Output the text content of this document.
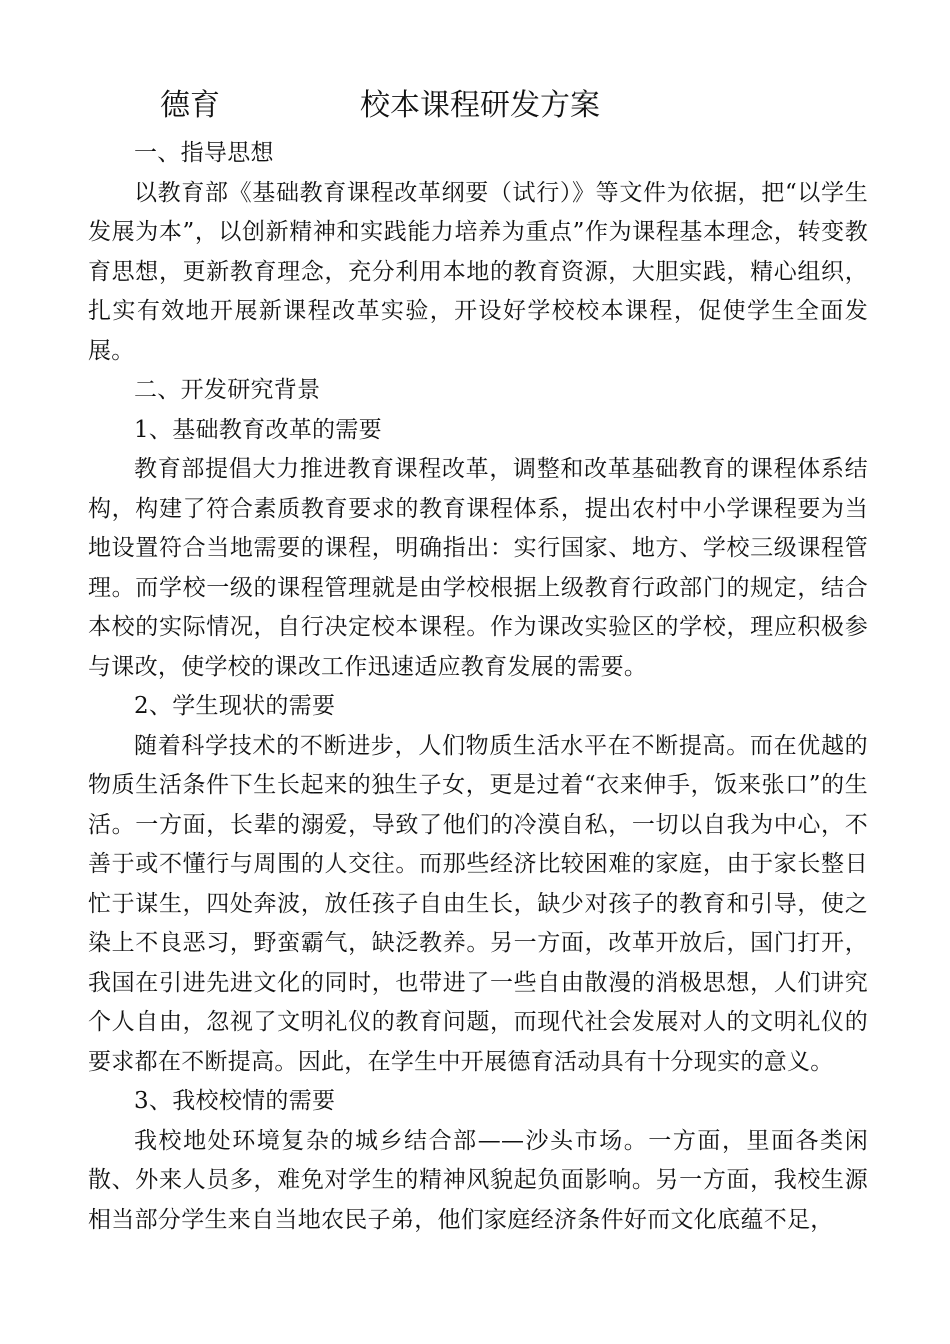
德育	校本课程研发方案

一、指导思想

以教育部《基础教育课程改革纲要（试行）》等文件为依据，把“以学生发展为本”，以创新精神和实践能力培养为重点”作为课程基本理念，转变教育思想，更新教育理念，充分利用本地的教育资源，大胆实践，精心组织，扎实有效地开展新课程改革实验，开设好学校校本课程，促使学生全面发展。

二、开发研究背景

1、基础教育改革的需要

教育部提倡大力推进教育课程改革，调整和改革基础教育的课程体系结构，构建了符合素质教育要求的教育课程体系，提出农村中小学课程要为当地设置符合当地需要的课程，明确指出：实行国家、地方、学校三级课程管理。而学校一级的课程管理就是由学校根据上级教育行政部门的规定，结合本校的实际情况，自行决定校本课程。作为课改实验区的学校，理应积极参与课改，使学校的课改工作迅速适应教育发展的需要。

2、学生现状的需要

随着科学技术的不断进步，人们物质生活水平在不断提高。而在优越的物质生活条件下生长起来的独生子女，更是过着“衣来伸手，饭来张口”的生活。一方面，长辈的溺爱，导致了他们的冷漠自私，一切以自我为中心，不善于或不懂行与周围的人交往。而那些经济比较困难的家庭，由于家长整日忙于谋生，四处奔波，放任孩子自由生长，缺少对孩子的教育和引导，使之染上不良恶习，野蛮霸气，缺泛教养。另一方面，改革开放后，国门打开，我国在引进先进文化的同时，也带进了一些自由散漫的消极思想，人们讲究个人自由，忽视了文明礼仪的教育问题，而现代社会发展对人的文明礼仪的要求都在不断提高。因此，在学生中开展德育活动具有十分现实的意义。

3、我校校情的需要

我校地处环境复杂的城乡结合部——沙头市场。一方面，里面各类闲散、外来人员多，难免对学生的精神风貌起负面影响。另一方面，我校生源相当部分学生来自当地农民子弟，他们家庭经济条件好而文化底蕴不足，
